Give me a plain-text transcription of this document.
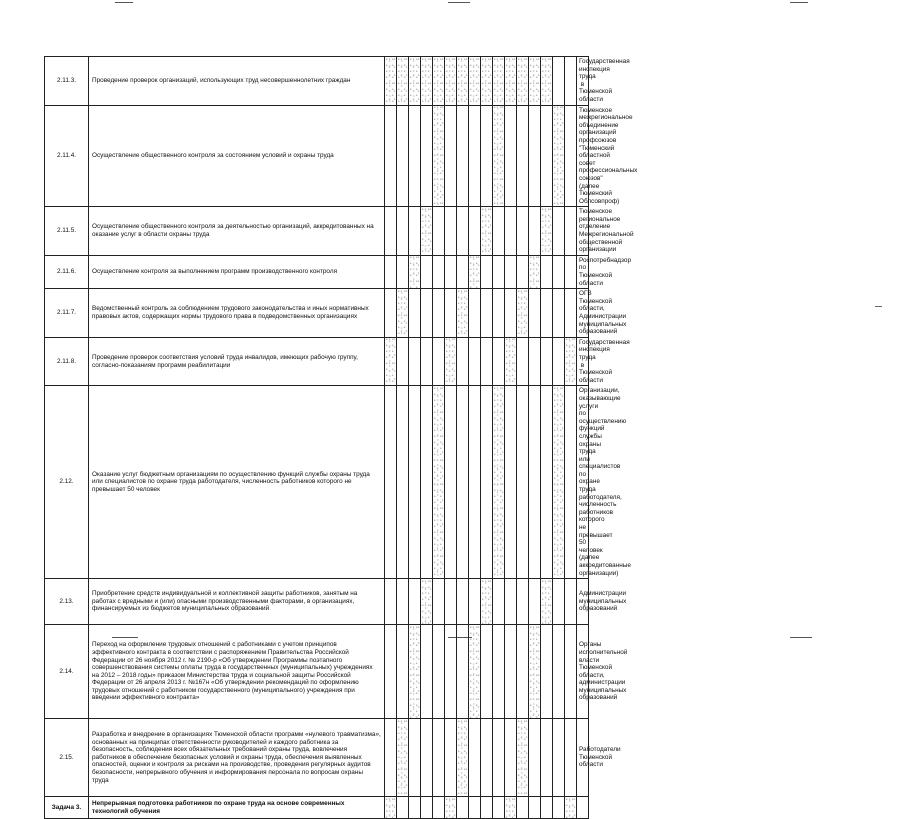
2.11.3.	Проведение проверок организаций, использующих труд несовершеннолетних граждан																	Государственная инспекция труда в Тюменской области
2.11.4.	Осуществление общественного контроля за состоянием условий и охраны труда																	Тюменское межрегиональное объединение организаций профсоюзов "Тюменский областной совет профессиональных союзов" (далее Тюменский Облсовпроф)
2.11.5.	Осуществление общественного контроля за деятельностью организаций, аккредитованных на оказание услуг в области охраны труда																	Тюменское региональное отделение Межрегиональной общественной организации
2.11.6.	Осуществление контроля за выполнением программ производственного контроля																	Роспотребнадзор по Тюменской области
2.11.7.	Ведомственный контроль за соблюдением трудового законодательства и иных нормативных правовых актов, содержащих нормы трудового права в подведомственных организациях																	ОГВ Тюменской области, Администрации муниципальных образований
2.11.8.	Проведение проверок соответствия условий труда инвалидов, имеющих рабочую группу, согласно-показаниям программ реабилитации																	Государственная инспекция труда в Тюменской области
2.12.	Оказание услуг бюджетным организациям по осуществлению функций службы охраны труда или специалистов по охране труда работодателя, численность работников которого не превышает 50 человек																	Организации, оказывающие услуги по осуществлению функций службы охраны труда или специалистов по охране труда работодателя, численность работников которого не превышает 50 человек (далее аккредитованные организации)
2.13.	Приобретение средств индивидуальной и коллективной защиты работников, занятым на работах с вредными и (или) опасными производственными факторами, в организациях, финансируемых из бюджетов муниципальных образований																	Администрации муниципальных образований
2.14.	Переход на оформление трудовых отношений с работниками с учетом принципов эффективного контракта в соответствии с распоряжением Правительства Российской Федерации от 26 ноября 2012 г. № 2190-р «Об утверждении Программы поэтапного совершенствования системы оплаты труда в государственных (муниципальных) учреждениях на 2012 – 2018 годы» приказом Министерства труда и социальной защиты Российской Федерации от 26 апреля 2013 г. №167н «Об утверждении рекомендаций по оформлению трудовых отношений с работником государственного (муниципального) учреждения при введении эффективного контракта»																	Органы исполнительной власти Тюменской области, администрации муниципальных образований
2.15.	Разработка и внедрение в организациях Тюменской области программ «нулевого травматизма», основанных на принципах ответственности руководителей и каждого работника за безопасность, соблюдения всех обязательных требований охраны труда, вовлечения работников в обеспечение безопасных условий и охраны труда, обеспечения выявленных опасностей, оценки и контроля за рисками на производстве, проведения регулярных аудитов безопасности, непрерывного обучения и информирования персонала по вопросам охраны труда																	Работодатели Тюменской области
Задача 3.	Непрерывная подготовка работников по охране труда на основе современных технологий обучения																	
